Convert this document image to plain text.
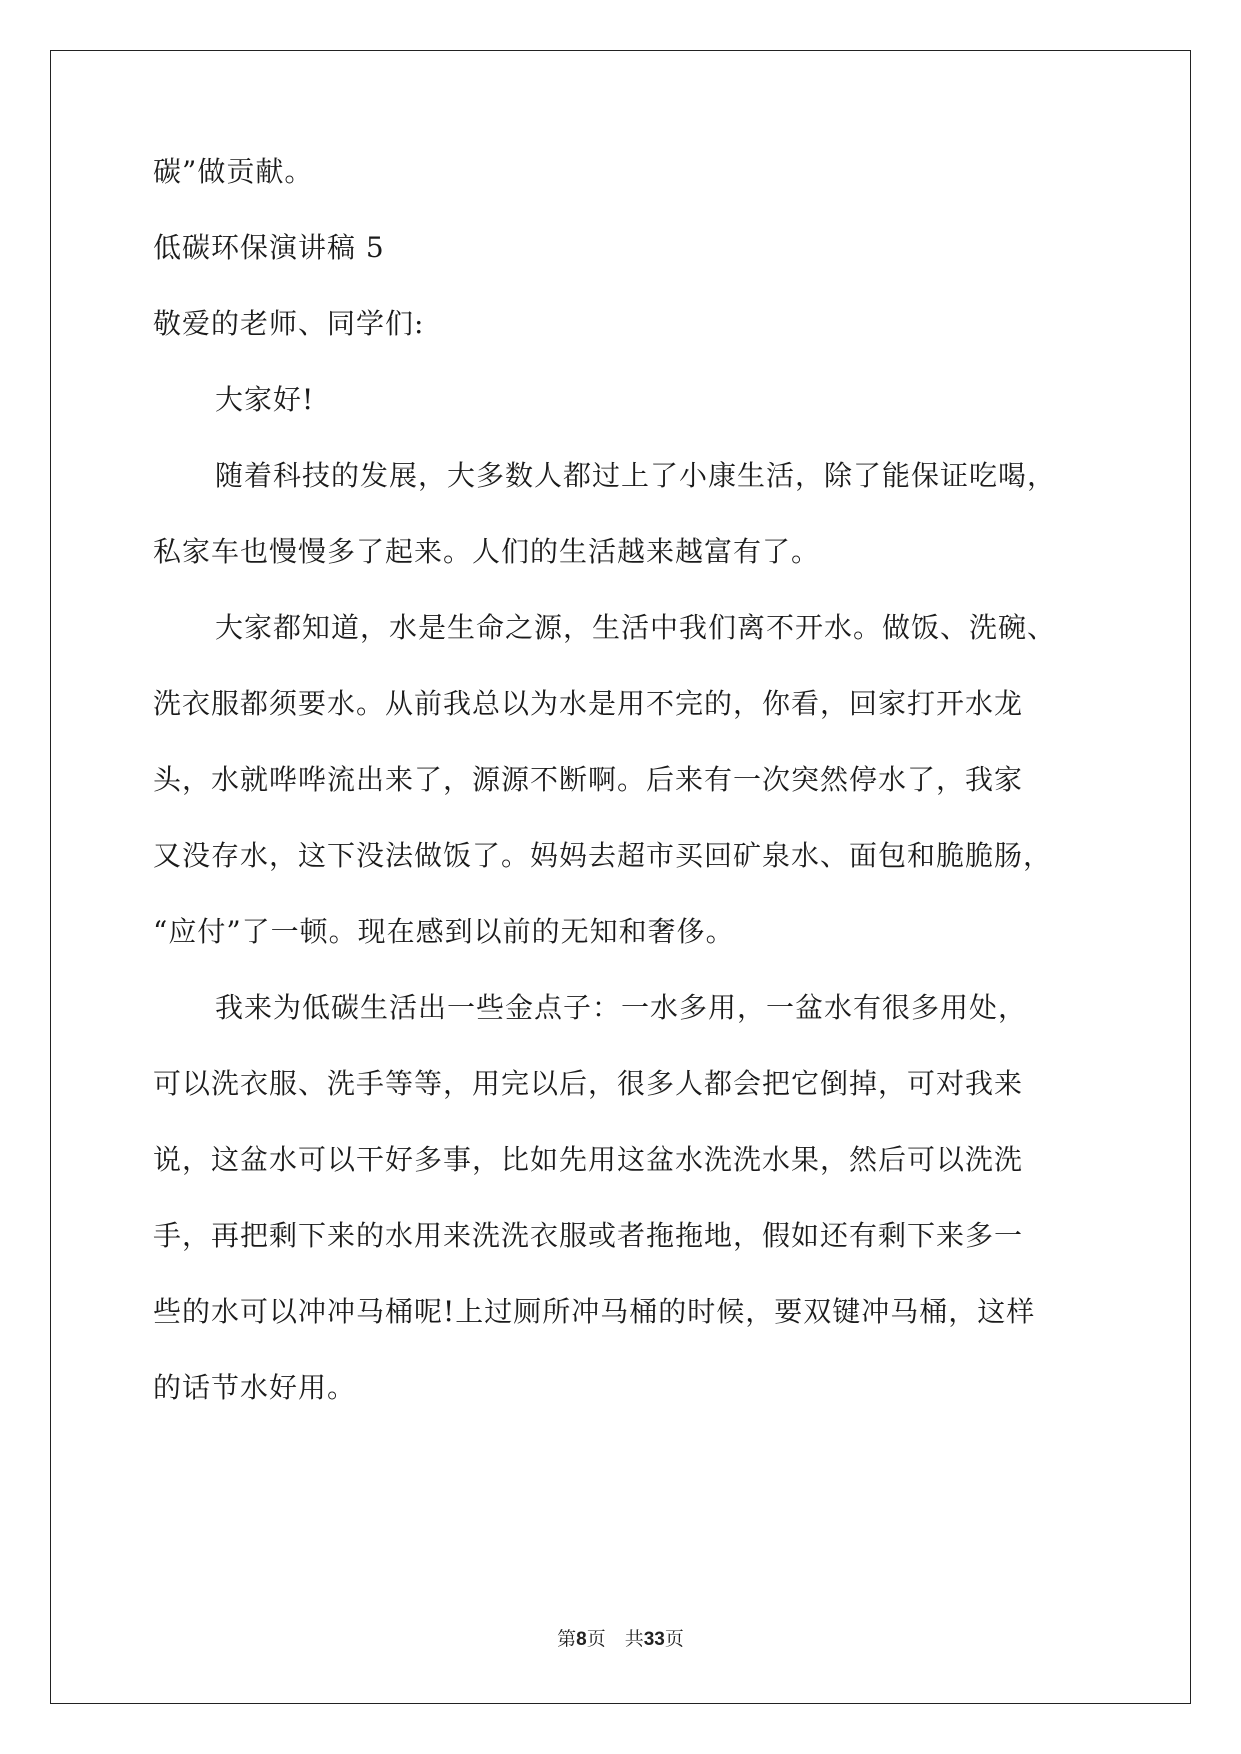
碳”做贡献。
低碳环保演讲稿 5
敬爱的老师、同学们:
大家好!
随着科技的发展，大多数人都过上了小康生活，除了能保证吃喝，
私家车也慢慢多了起来。人们的生活越来越富有了。
大家都知道，水是生命之源，生活中我们离不开水。做饭、洗碗、
洗衣服都须要水。从前我总以为水是用不完的，你看，回家打开水龙
头，水就哗哗流出来了，源源不断啊。后来有一次突然停水了，我家
又没存水，这下没法做饭了。妈妈去超市买回矿泉水、面包和脆脆肠，
“应付”了一顿。现在感到以前的无知和奢侈。
我来为低碳生活出一些金点子：一水多用，一盆水有很多用处，
可以洗衣服、洗手等等，用完以后，很多人都会把它倒掉，可对我来
说，这盆水可以干好多事，比如先用这盆水洗洗水果，然后可以洗洗
手，再把剩下来的水用来洗洗衣服或者拖拖地，假如还有剩下来多一
些的水可以冲冲马桶呢!上过厕所冲马桶的时候，要双键冲马桶，这样
的话节水好用。
第8页　共33页
